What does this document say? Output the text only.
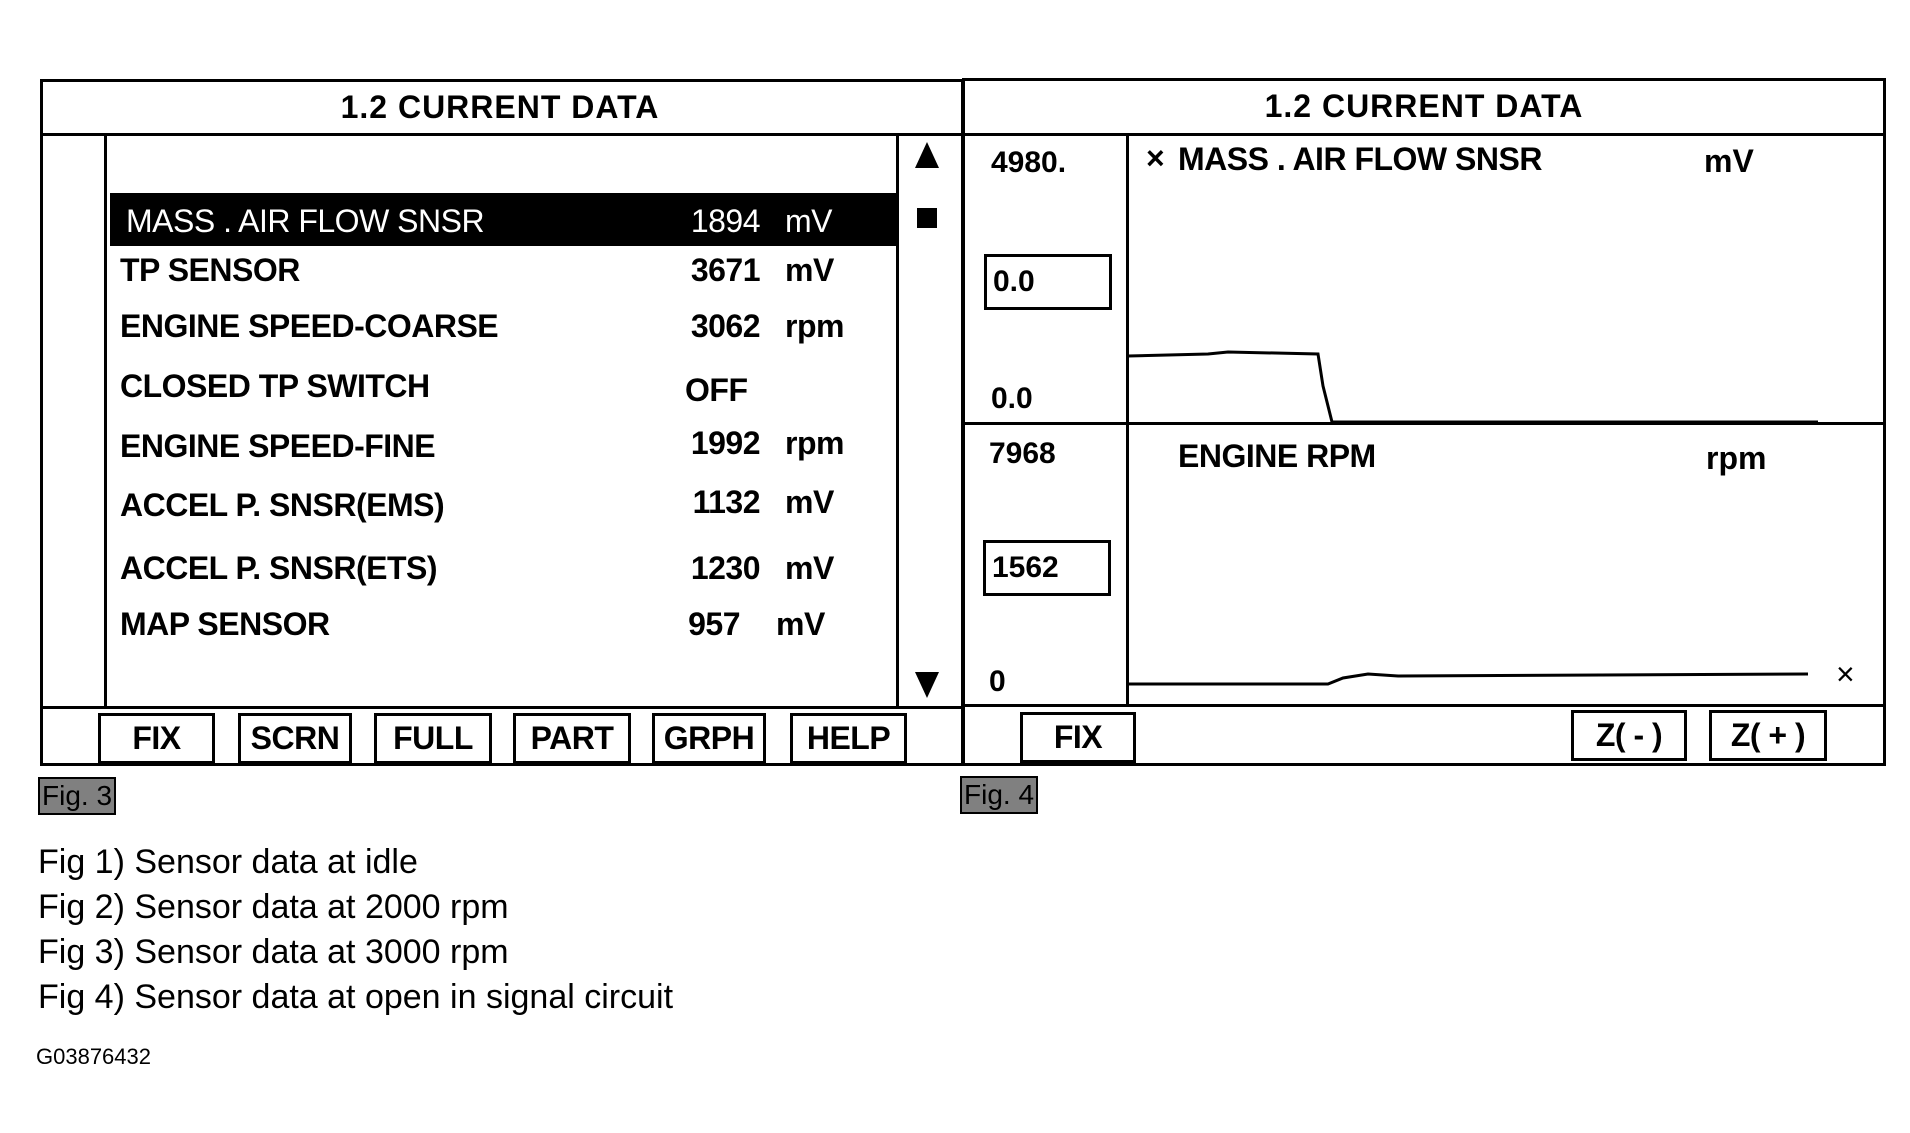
1.2 CURRENT DATA
MASS . AIR FLOW SNSR	1894 mV
TP SENSOR	3671 mV
ENGINE SPEED-COARSE	3062 rpm
CLOSED TP SWITCH	OFF
ENGINE SPEED-FINE	1992 rpm
ACCEL P. SNSR(EMS)	1132 mV
ACCEL P. SNSR(ETS)	1230 mV
MAP SENSOR	957 mV
FIX	SCRN	FULL	PART	GRPH	HELP
Fig. 3
1.2 CURRENT DATA
4980.
0.0
0.0
× MASS . AIR FLOW SNSR	mV
7968
1562
0
ENGINE RPM	rpm
×
FIX	Z( - )	Z( + )
Fig. 4
Fig 1) Sensor data at idle
Fig 2) Sensor data at 2000 rpm
Fig 3) Sensor data at 3000 rpm
Fig 4) Sensor data at open in signal circuit
G03876432
